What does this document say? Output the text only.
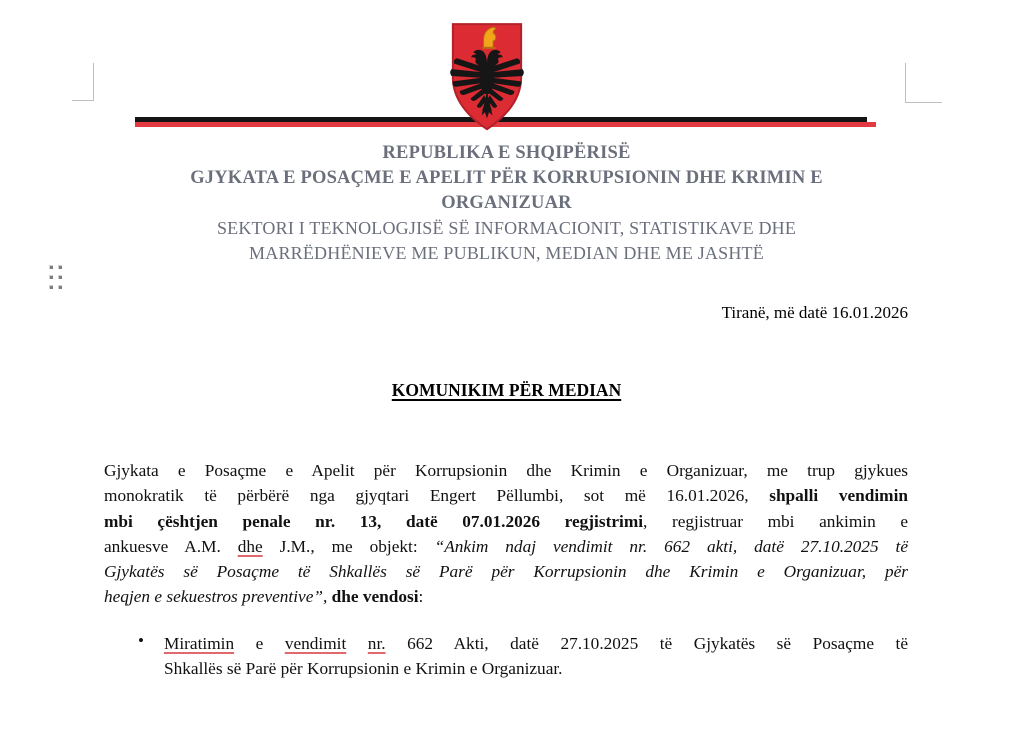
REPUBLIKA E SHQIPËRISË
GJYKATA E POSAÇME E APELIT PËR KORRUPSIONIN DHE KRIMIN E
ORGANIZUAR
SEKTORI I TEKNOLOGJISË SË INFORMACIONIT, STATISTIKAVE DHE
MARRËDHËNIEVE ME PUBLIKUN, MEDIAN DHE ME JASHTË
Tiranë, më datë 16.01.2026
KOMUNIKIM PËR MEDIAN
Gjykata e Posaçme e Apelit për Korrupsionin dhe Krimin e Organizuar, me trup gjykues
monokratik të përbërë nga gjyqtari Engert Pëllumbi, sot më 16.01.2026, shpalli vendimin
mbi çështjen penale nr. 13, datë 07.01.2026 regjistrimi, regjistruar mbi ankimin e
ankuesve A.M. dhe J.M., me objekt: “Ankim ndaj vendimit nr. 662 akti, datë 27.10.2025 të
Gjykatës së Posaçme të Shkallës së Parë për Korrupsionin dhe Krimin e Organizuar, për
heqjen e sekuestros preventive”, dhe vendosi:
• Miratimin e vendimit nr. 662 Akti, datë 27.10.2025 të Gjykatës së Posaçme të
Shkallës së Parë për Korrupsionin e Krimin e Organizuar.
